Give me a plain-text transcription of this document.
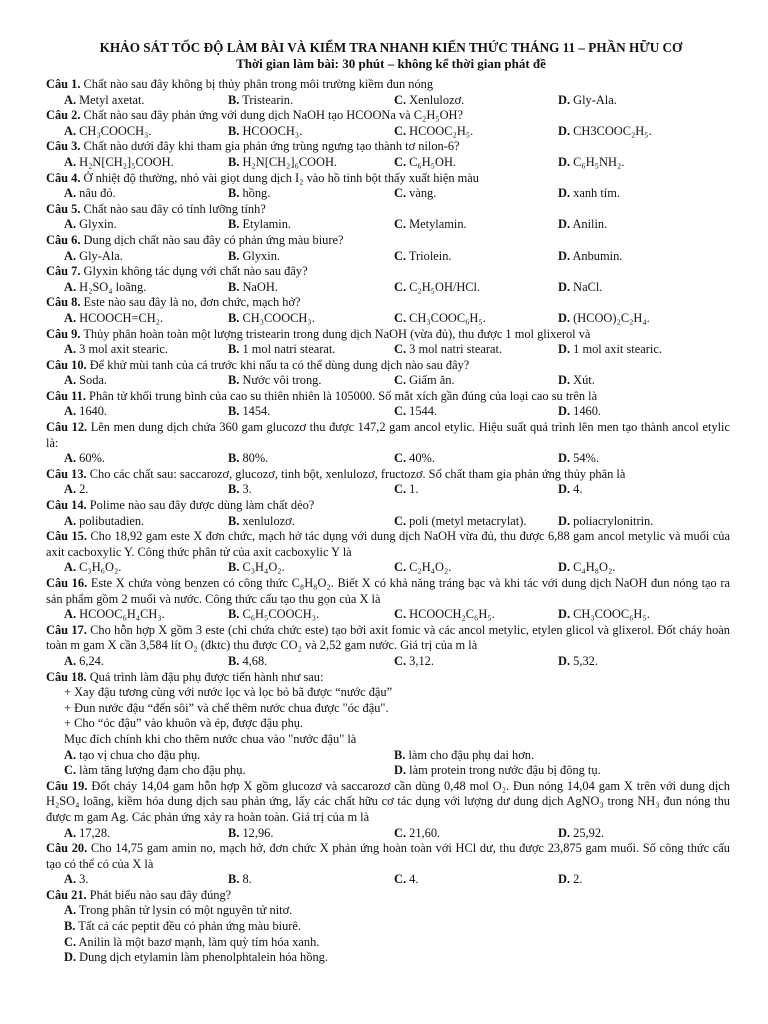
KHẢO SÁT TỐC ĐỘ LÀM BÀI VÀ KIỂM TRA NHANH KIẾN THỨC THÁNG 11 – PHẦN HỮU CƠ
Thời gian làm bài: 30 phút – không kể thời gian phát đề
Câu 1. Chất nào sau đây không bị thủy phân trong môi trường kiềm đun nóng
A. Metyl axetat.	B. Tristearin.	C. Xenlulozơ.	D. Gly-Ala.
Câu 2. Chất nào sau đây phản ứng với dung dịch NaOH tạo HCOONa và C₂H₅OH?
A. CH₃COOCH₃.	B. HCOOCH₃.	C. HCOOC₂H₅.	D. CH3COOC₂H₅.
Câu 3. Chất nào dưới đây khi tham gia phản ứng trùng ngưng tạo thành tơ nilon-6?
A. H₂N[CH₂]₅COOH.	B. H₂N[CH₂]₆COOH.	C. C₆H₅OH.	D. C₆H₅NH₂.
Câu 4. Ở nhiệt độ thường, nhỏ vài giọt dung dịch I₂ vào hồ tinh bột thấy xuất hiện màu
A. nâu đỏ.	B. hồng.	C. vàng.	D. xanh tím.
Câu 5. Chất nào sau đây có tính lưỡng tính?
A. Glyxin.	B. Etylamin.	C. Metylamin.	D. Anilin.
Câu 6. Dung dịch chất nào sau đây có phản ứng màu biure?
A. Gly-Ala.	B. Glyxin.	C. Triolein.	D. Anbumin.
Câu 7. Glyxin không tác dụng với chất nào sau đây?
A. H₂SO₄ loãng.	B. NaOH.	C. C₂H₅OH/HCl.	D. NaCl.
Câu 8. Este nào sau đây là no, đơn chức, mạch hở?
A. HCOOCH=CH₂.	B. CH₃COOCH₃.	C. CH₃COOC₆H₅.	D. (HCOO)₂C₂H₄.
Câu 9. Thủy phân hoàn toàn một lượng tristearin trong dung dịch NaOH (vừa đủ), thu được 1 mol glixerol và
A. 3 mol axit stearic.	B. 1 mol natri stearat.	C. 3 mol natri stearat.	D. 1 mol axit stearic.
Câu 10. Để khử mùi tanh của cá trước khi nấu ta có thể dùng dung dịch nào sau đây?
A. Soda.	B. Nước vôi trong.	C. Giấm ăn.	D. Xút.
Câu 11. Phân tử khối trung bình của cao su thiên nhiên là 105000. Số mắt xích gần đúng của loại cao su trên là
A. 1640.	B. 1454.	C. 1544.	D. 1460.
Câu 12. Lên men dung dịch chứa 360 gam glucozơ thu được 147,2 gam ancol etylic. Hiệu suất quá trình lên men tạo thành ancol etylic là:
A. 60%.	B. 80%.	C. 40%.	D. 54%.
Câu 13. Cho các chất sau: saccarozơ, glucozơ, tinh bột, xenlulozơ, fructozơ. Số chất tham gia phản ứng thủy phân là
A. 2.	B. 3.	C. 1.	D. 4.
Câu 14. Polime nào sau đây được dùng làm chất dẻo?
A. polibutadien.	B. xenlulozơ.	C. poli (metyl metacrylat).	D. poliacrylonitrin.
Câu 15. Cho 18,92 gam este X đơn chức, mạch hở tác dụng với dung dịch NaOH vừa đủ, thu được 6,88 gam ancol metylic và muối của axit cacboxylic Y. Công thức phân tử của axit cacboxylic Y là
A. C₃H₆O₂.	B. C₃H₄O₂.	C. C₂H₄O₂.	D. C₄H₈O₂.
Câu 16. Este X chứa vòng benzen có công thức C₈H₈O₂. Biết X có khả năng tráng bạc và khi tác với dung dịch NaOH đun nóng tạo ra sản phẩm gồm 2 muối và nước. Công thức cấu tạo thu gọn của X là
A. HCOOC₆H₄CH₃.	B. C₆H₅COOCH₃.	C. HCOOCH₂C₆H₅.	D. CH₃COOC₆H₅.
Câu 17. Cho hỗn hợp X gồm 3 este (chỉ chứa chức este) tạo bởi axit fomic và các ancol metylic, etylen glicol và glixerol. Đốt cháy hoàn toàn m gam X cần 3,584 lít O₂ (đktc) thu được CO₂ và 2,52 gam nước. Giá trị của m là
A. 6,24.	B. 4,68.	C. 3,12.	D. 5,32.
Câu 18. Quá trình làm đậu phụ được tiến hành như sau:
+ Xay đậu tương cùng với nước lọc và lọc bỏ bã được “nước đậu”
+ Đun nước đậu “đến sôi” và chế thêm nước chua được "óc đậu".
+ Cho “óc đậu” vào khuôn và ép, được đậu phụ.
Mục đích chính khi cho thêm nước chua vào "nước đậu" là
A. tạo vị chua cho đậu phụ.	B. làm cho đậu phụ dai hơn.
C. làm tăng lượng đạm cho đậu phụ.	D. làm protein trong nước đậu bị đông tụ.
Câu 19. Đốt cháy 14,04 gam hỗn hợp X gồm glucozơ và saccarozơ cần dùng 0,48 mol O₂. Đun nóng 14,04 gam X trên với dung dịch H₂SO₄ loãng, kiềm hóa dung dịch sau phản ứng, lấy các chất hữu cơ tác dụng với lượng dư dung dịch AgNO₃ trong NH₃ đun nóng thu được m gam Ag. Các phản ứng xảy ra hoàn toàn. Giá trị của m là
A. 17,28.	B. 12,96.	C. 21,60.	D. 25,92.
Câu 20. Cho 14,75 gam amin no, mạch hở, đơn chức X phản ứng hoàn toàn với HCl dư, thu được 23,875 gam muối. Số công thức cấu tạo có thể có của X là
A. 3.	B. 8.	C. 4.	D. 2.
Câu 21. Phát biểu nào sau đây đúng?
A. Trong phân tử lysin có một nguyên tử nitơ.
B. Tất cả các peptit đều có phản ứng màu biurê.
C. Anilin là một bazơ mạnh, làm quỳ tím hóa xanh.
D. Dung dịch etylamin làm phenolphtalein hóa hồng.
